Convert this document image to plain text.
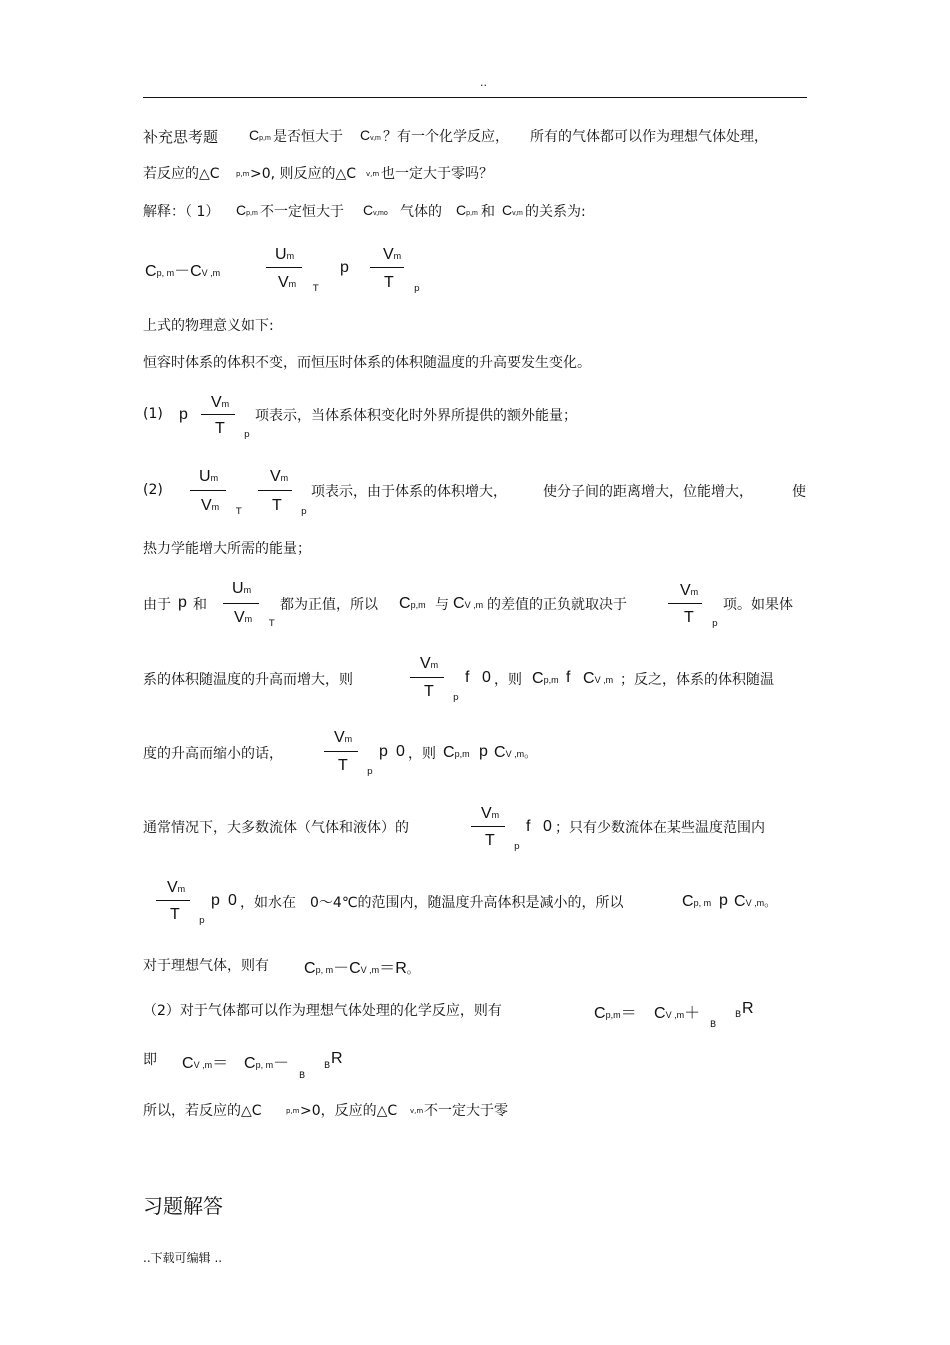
..
补充思考题 Cp,m 是否恒大于 Cv,m ？有一个化学反应， 所有的气体都可以作为理想气体处理，
若反应的△C p,m >0, 则反应的△C v,m 也一定大于零吗？
解释：（ 1） Cp,m 不一定恒大于 Cv,mo 气体的 Cp,m 和 Cv,m 的关系为:
Cp, m－CV ,m
Um
Vm T
p
Vm
T p
上式的物理意义如下:
恒容时体系的体积不变，而恒压时体系的体积随温度的升高要发生变化。
(1) p
Vm
T p
项表示，当体系体积变化时外界所提供的额外能量；
(2)
Um
Vm T
Vm
T p
项表示，由于体系的体积增大，	使分子间的距离增大，位能增大，	使
热力学能增大所需的能量；
由于 p 和
Um
Vm T
都为正值，所以 Cp,m 与 CV ,m 的差值的正负就取决于
Vm
T p
项。如果体
系的体积随温度的升高而增大，则
Vm
T p
f 0 ，则 Cp,m f CV ,m ；反之，体系的体积随温
度的升高而缩小的话，
Vm
T p
p 0 ，则 Cp,m p CV ,m。
通常情况下，大多数流体（气体和液体）的
Vm
T p
f 0 ；只有少数流体在某些温度范围内
Vm
T p
p 0 ，如水在 0～4℃的范围内，随温度升高体积是减小的，所以	Cp, m p CV ,m。
对于理想气体，则有 Cp, m－CV ,m＝R。
（2）对于气体都可以作为理想气体处理的化学反应，则有	Cp,m＝ CV ,m＋
B
B R
即 CV ,m＝ Cp, m－
B
B R
所以，若反应的△C	p,m >0，反应的△C v,m 不一定大于零
习题解答
..下载可编辑 ..
